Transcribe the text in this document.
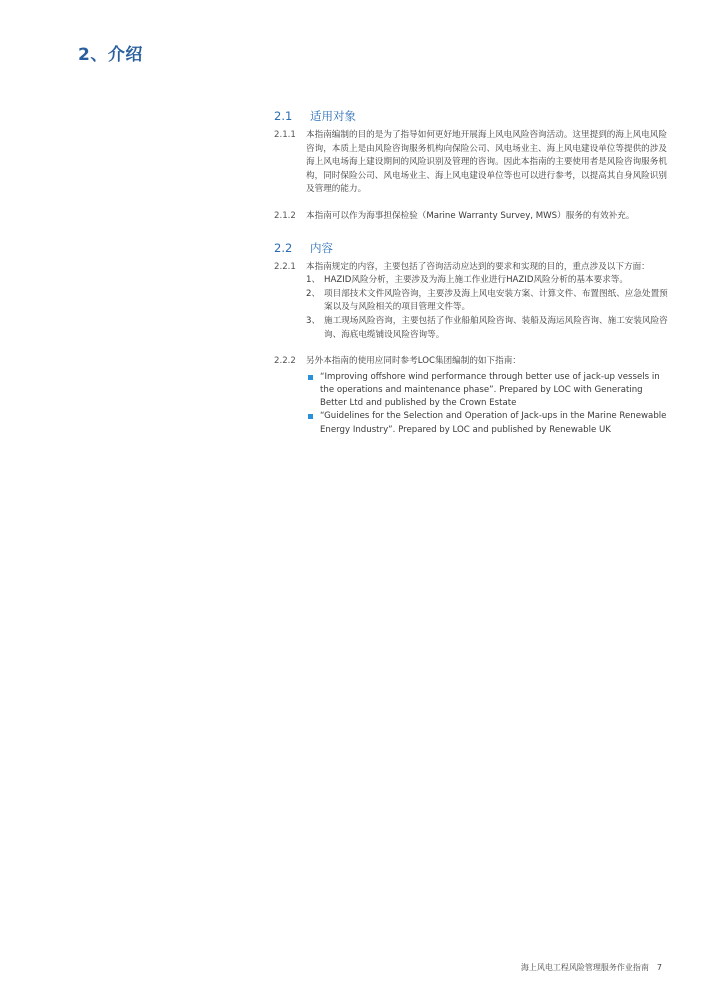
2、介绍
2.1	适用对象
2.1.1	本指南编制的目的是为了指导如何更好地开展海上风电风险咨询活动。这里提到的海上风电风险咨询，本质上是由风险咨询服务机构向保险公司、风电场业主、海上风电建设单位等提供的涉及海上风电场海上建设期间的风险识别及管理的咨询。因此本指南的主要使用者是风险咨询服务机构，同时保险公司、风电场业主、海上风电建设单位等也可以进行参考，以提高其自身风险识别及管理的能力。
2.1.2	本指南可以作为海事担保检验（Marine Warranty Survey, MWS）服务的有效补充。
2.2	内容
2.2.1	本指南规定的内容，主要包括了咨询活动应达到的要求和实现的目的，重点涉及以下方面：
1、 HAZID风险分析，主要涉及为海上施工作业进行HAZID风险分析的基本要求等。
2、 项目部技术文件风险咨询，主要涉及海上风电安装方案、计算文件、布置图纸、应急处置预案以及与风险相关的项目管理文件等。
3、 施工现场风险咨询，主要包括了作业船舶风险咨询、装船及海运风险咨询、施工安装风险咨询、海底电缆铺设风险咨询等。
2.2.2	另外本指南的使用应同时参考LOC集团编制的如下指南：
“Improving offshore wind performance through better use of jack-up vessels in the operations and maintenance phase”. Prepared by LOC with Generating Better Ltd and published by the Crown Estate
“Guidelines for the Selection and Operation of Jack-ups in the Marine Renewable Energy Industry”. Prepared by LOC and published by Renewable UK
海上风电工程风险管理服务作业指南 7
